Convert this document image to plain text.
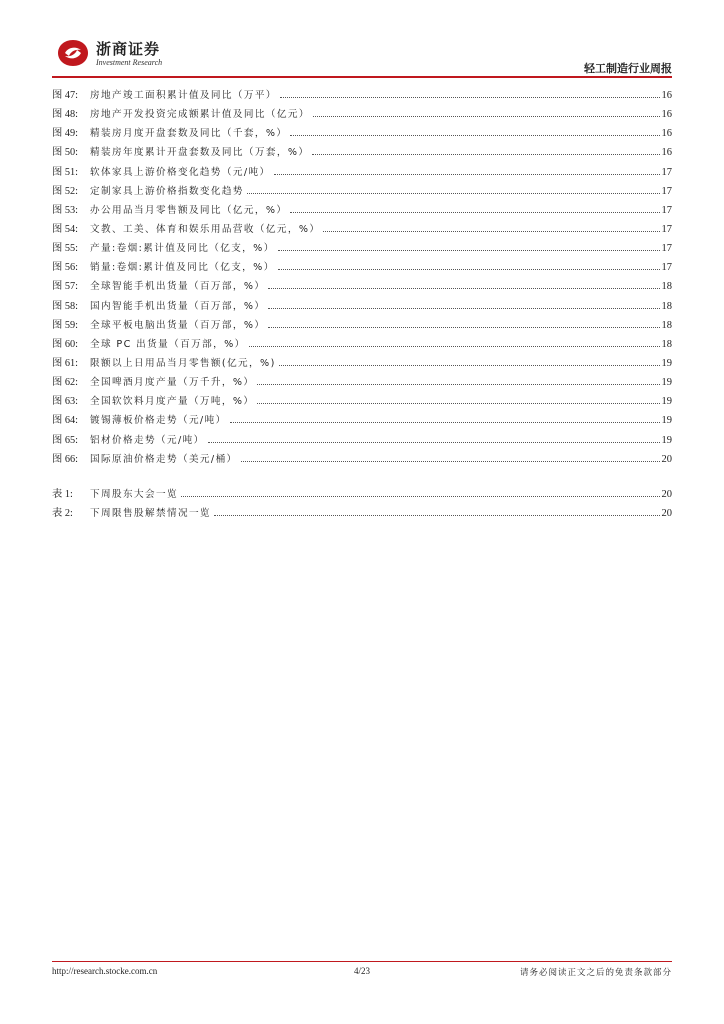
浙商证券
Investment Research	轻工制造行业周报
图 47: 房地产竣工面积累计值及同比（万平）	16
图 48: 房地产开发投资完成额累计值及同比（亿元）	16
图 49: 精装房月度开盘套数及同比（千套，%）	16
图 50: 精装房年度累计开盘套数及同比（万套，%）	16
图 51: 软体家具上游价格变化趋势（元/吨）	17
图 52: 定制家具上游价格指数变化趋势	17
图 53: 办公用品当月零售额及同比（亿元，%）	17
图 54: 文教、工美、体育和娱乐用品营收（亿元，%）	17
图 55: 产量:卷烟:累计值及同比（亿支，%）	17
图 56: 销量:卷烟:累计值及同比（亿支，%）	17
图 57: 全球智能手机出货量（百万部，%）	18
图 58: 国内智能手机出货量（百万部，%）	18
图 59: 全球平板电脑出货量（百万部，%）	18
图 60: 全球 PC 出货量（百万部，%）	18
图 61: 限额以上日用品当月零售额(亿元，%)	19
图 62: 全国啤酒月度产量（万千升，%）	19
图 63: 全国软饮料月度产量（万吨，%）	19
图 64: 镀锡薄板价格走势（元/吨）	19
图 65: 铝材价格走势（元/吨）	19
图 66: 国际原油价格走势（美元/桶）	20
表 1: 下周股东大会一览	20
表 2: 下周限售股解禁情况一览	20
http://research.stocke.com.cn	4/23	请务必阅读正文之后的免责条款部分
